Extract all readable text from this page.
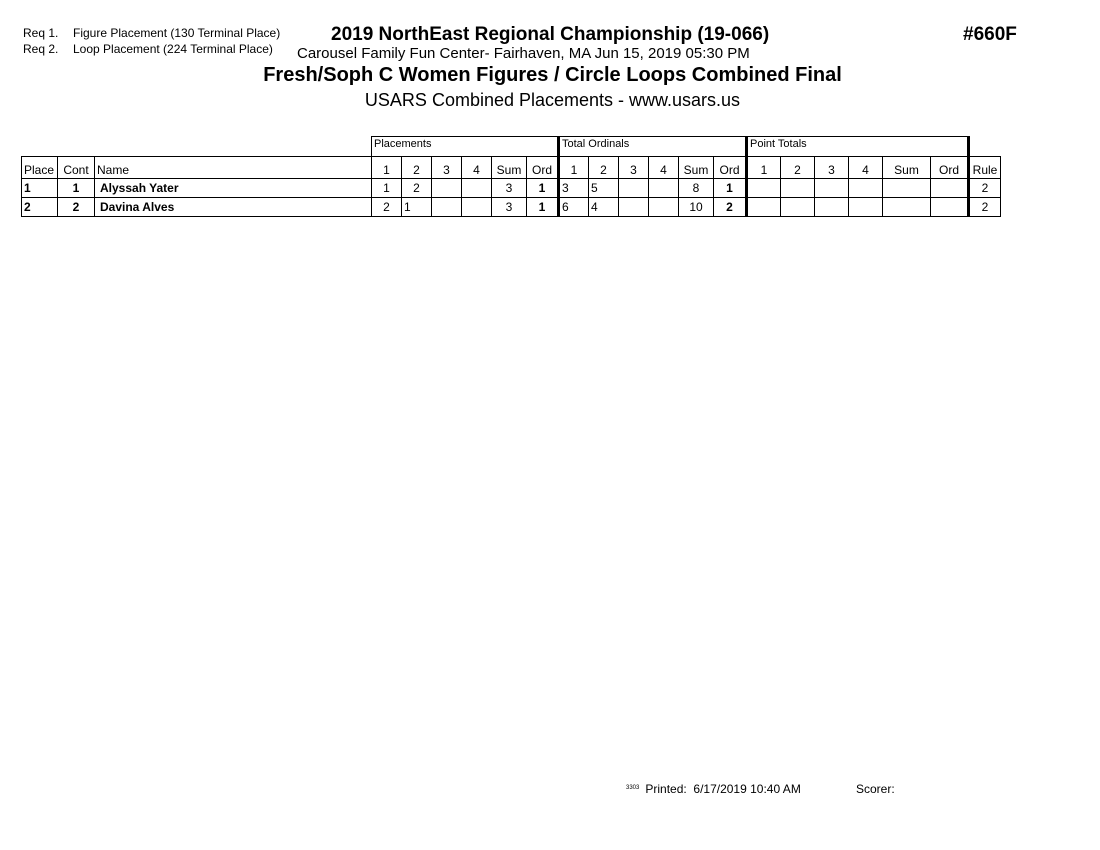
Req 1. Figure Placement (130 Terminal Place)
Req 2. Loop Placement (224 Terminal Place)
2019 NorthEast Regional Championship (19-066)	#660F
Carousel Family Fun Center- Fairhaven, MA Jun 15, 2019 05:30 PM
Fresh/Soph C Women Figures / Circle Loops Combined Final
USARS Combined Placements - www.usars.us
			Placements						Total Ordinals						Point Totals						
Place	Cont	Name	1	2	3	4	Sum	Ord	1	2	3	4	Sum	Ord	1	2	3	4	Sum	Ord	Rule
1	1	Alyssah Yater	1	2			3	1	3	5			8	1							2
2	2	Davina Alves	2	1			3	1	6	4			10	2							2
$^{3303}$ Printed: 6/17/2019 10:40 AM	Scorer:
